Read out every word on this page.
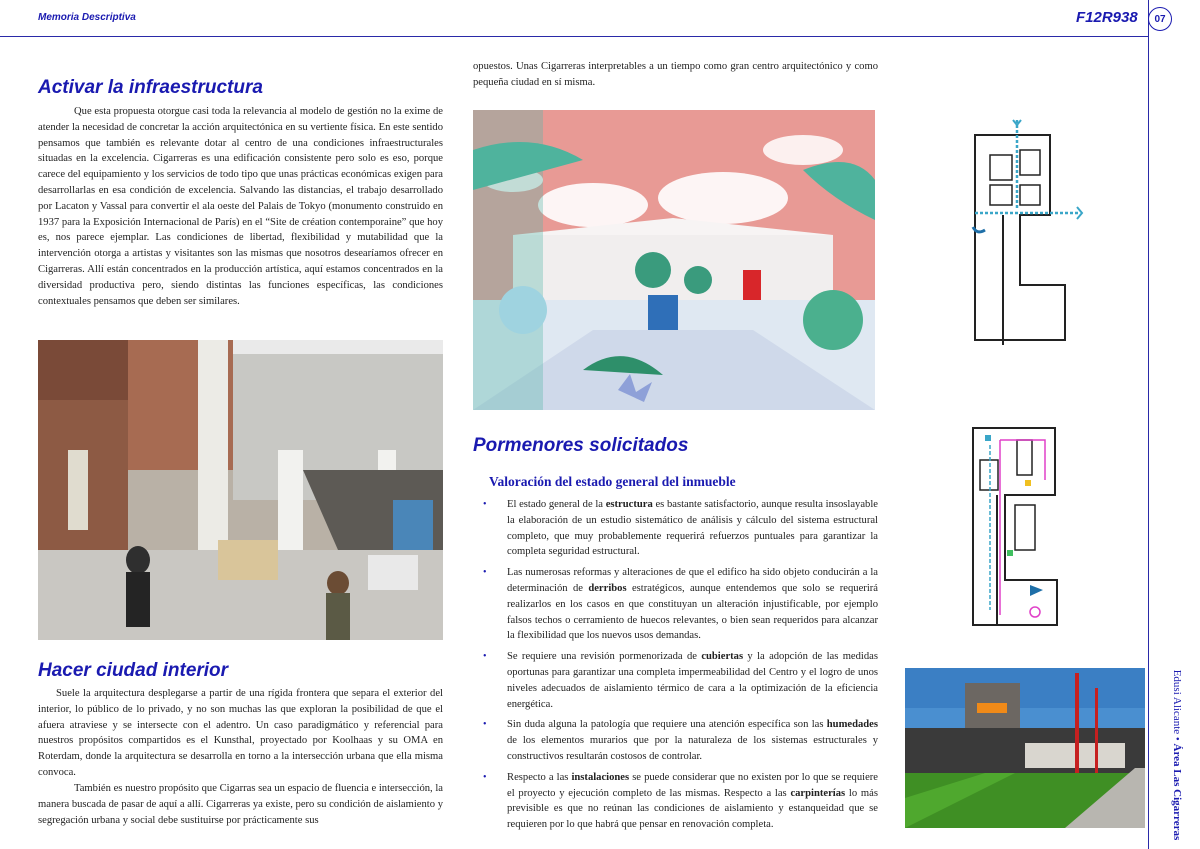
Memoria Descriptiva	F12R938	07
Edusi Alicante • Área Las Cigarreras
Activar la infraestructura

Que esta propuesta otorgue casi toda la relevancia al modelo de gestión no la exime de atender la necesidad de concretar la acción arquitectónica en su vertiente física. En este sentido pensamos que también es relevante dotar al centro de una condiciones infraestructurales situadas en la excelencia. Cigarreras es una edificación consistente pero solo es eso, porque carece del equipamiento y los servicios de todo tipo que unas prácticas económicas exigen para desarrollarlas en esa condición de excelencia. Salvando las distancias, el trabajo desarrollado por Lacaton y Vassal para convertir el ala oeste del Palais de Tokyo (monumento construido en 1937 para la Exposición Internacional de París) en el “Site de création contemporaine” que hoy es, nos parece ejemplar. Las condiciones de libertad, flexibilidad y mutabilidad que la intervención otorga a artistas y visitantes son las mismas que nosotros desearíamos ofrecer en Cigarreras. Allí están concentrados en la producción artística, aquí estamos concentrados en la diversidad productiva pero, siendo distintas las funciones específicas, las condiciones contextuales pensamos que deben ser similares.

Hacer ciudad interior

Suele la arquitectura desplegarse a partir de una rígida frontera que separa el exterior del interior, lo público de lo privado, y no son muchas las que exploran la posibilidad de que el afuera atraviese y se intersecte con el adentro. Un caso paradigmático y referencial para nuestros propósitos compartidos es el Kunsthal, proyectado por Koolhaas y su OMA en Roterdam, donde la arquitectura se desarrolla en torno a la intersección urbana que ella misma convoca.

También es nuestro propósito que Cigarras sea un espacio de fluencia e intersección, la manera buscada de pasar de aquí a allí. Cigarreras ya existe, pero su condición de aislamiento y segregación urbana y social debe sustituirse por prácticamente sus

opuestos. Unas Cigarreras interpretables a un tiempo como gran centro arquitectónico y como pequeña ciudad en sí misma.

Pormenores solicitados
Valoración del estado general del inmueble
• El estado general de la estructura es bastante satisfactorio, aunque resulta insoslayable la elaboración de un estudio sistemático de análisis y cálculo del sistema estructural completo, que muy probablemente requerirá refuerzos puntuales para garantizar la completa seguridad estructural.
• Las numerosas reformas y alteraciones de que el edifico ha sido objeto conducirán a la determinación de derribos estratégicos, aunque entendemos que solo se requerirá realizarlos en los casos en que constituyan un alteración injustificable, por ejemplo falsos techos o cerramiento de huecos relevantes, o bien sean requeridos para alcanzar la flexibilidad que los nuevos usos demandas.
• Se requiere una revisión pormenorizada de cubiertas y la adopción de las medidas oportunas para garantizar una completa impermeabilidad del Centro y el logro de unos niveles adecuados de aislamiento térmico de cara a la optimización de la eficiencia energética.
• Sin duda alguna la patología que requiere una atención específica son las humedades de los elementos murarios que por la naturaleza de los sistemas estructurales y constructivos resultarán costosos de controlar.
• Respecto a las instalaciones se puede considerar que no existen por lo que se requiere el proyecto y ejecución completo de las mismas. Respecto a las carpinterías lo más previsible es que no reúnan las condiciones de aislamiento y estanqueidad que se requieren por lo que habrá que pensar en renovación completa.
